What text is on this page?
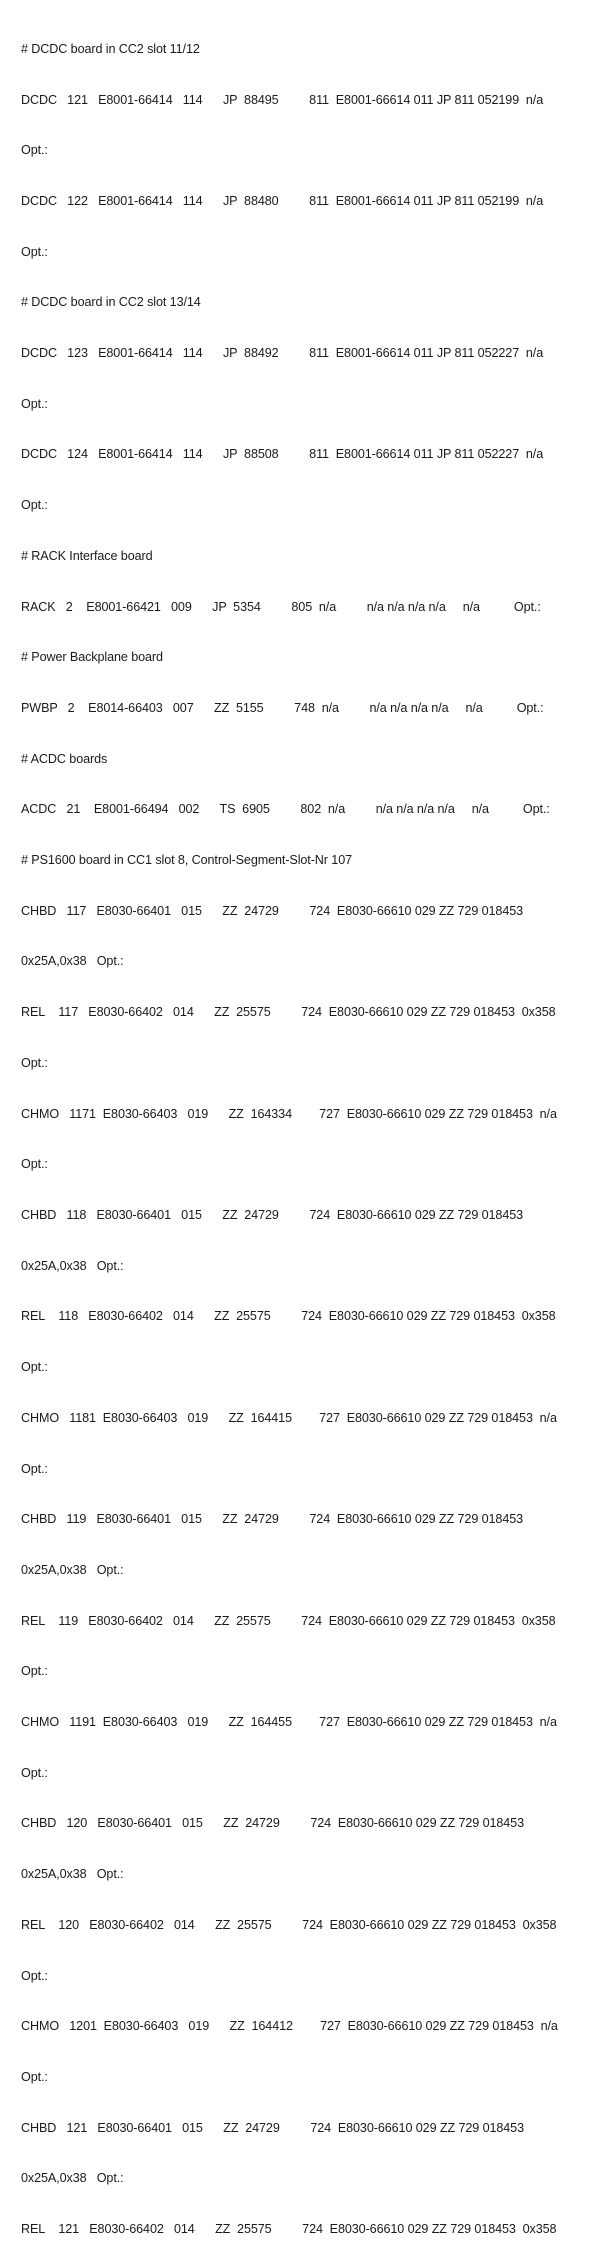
# DCDC board in CC2 slot 11/12

DCDC   121   E8001-66414   114      JP  88495         811  E8001-66614 011 JP 811 052199  n/a

Opt.:

DCDC   122   E8001-66414   114      JP  88480         811  E8001-66614 011 JP 811 052199  n/a

Opt.:

# DCDC board in CC2 slot 13/14

DCDC   123   E8001-66414   114      JP  88492         811  E8001-66614 011 JP 811 052227  n/a

Opt.:

DCDC   124   E8001-66414   114      JP  88508         811  E8001-66614 011 JP 811 052227  n/a

Opt.:

# RACK Interface board

RACK   2    E8001-66421   009      JP  5354         805  n/a         n/a n/a n/a n/a     n/a          Opt.:

# Power Backplane board

PWBP   2    E8014-66403   007      ZZ  5155         748  n/a         n/a n/a n/a n/a     n/a          Opt.:

# ACDC boards

ACDC   21    E8001-66494   002      TS  6905         802  n/a         n/a n/a n/a n/a     n/a          Opt.:

# PS1600 board in CC1 slot 8, Control-Segment-Slot-Nr 107

CHBD   117   E8030-66401   015      ZZ  24729         724  E8030-66610 029 ZZ 729 018453

0x25A,0x38   Opt.:

REL    117   E8030-66402   014      ZZ  25575         724  E8030-66610 029 ZZ 729 018453  0x358

Opt.:

CHMO   1171  E8030-66403   019      ZZ  164334        727  E8030-66610 029 ZZ 729 018453  n/a

Opt.:

CHBD   118   E8030-66401   015      ZZ  24729         724  E8030-66610 029 ZZ 729 018453

0x25A,0x38   Opt.:

REL    118   E8030-66402   014      ZZ  25575         724  E8030-66610 029 ZZ 729 018453  0x358

Opt.:

CHMO   1181  E8030-66403   019      ZZ  164415        727  E8030-66610 029 ZZ 729 018453  n/a

Opt.:

CHBD   119   E8030-66401   015      ZZ  24729         724  E8030-66610 029 ZZ 729 018453

0x25A,0x38   Opt.:

REL    119   E8030-66402   014      ZZ  25575         724  E8030-66610 029 ZZ 729 018453  0x358

Opt.:

CHMO   1191  E8030-66403   019      ZZ  164455        727  E8030-66610 029 ZZ 729 018453  n/a

Opt.:

CHBD   120   E8030-66401   015      ZZ  24729         724  E8030-66610 029 ZZ 729 018453

0x25A,0x38   Opt.:

REL    120   E8030-66402   014      ZZ  25575         724  E8030-66610 029 ZZ 729 018453  0x358

Opt.:

CHMO   1201  E8030-66403   019      ZZ  164412        727  E8030-66610 029 ZZ 729 018453  n/a

Opt.:

CHBD   121   E8030-66401   015      ZZ  24729         724  E8030-66610 029 ZZ 729 018453

0x25A,0x38   Opt.:

REL    121   E8030-66402   014      ZZ  25575         724  E8030-66610 029 ZZ 729 018453  0x358
